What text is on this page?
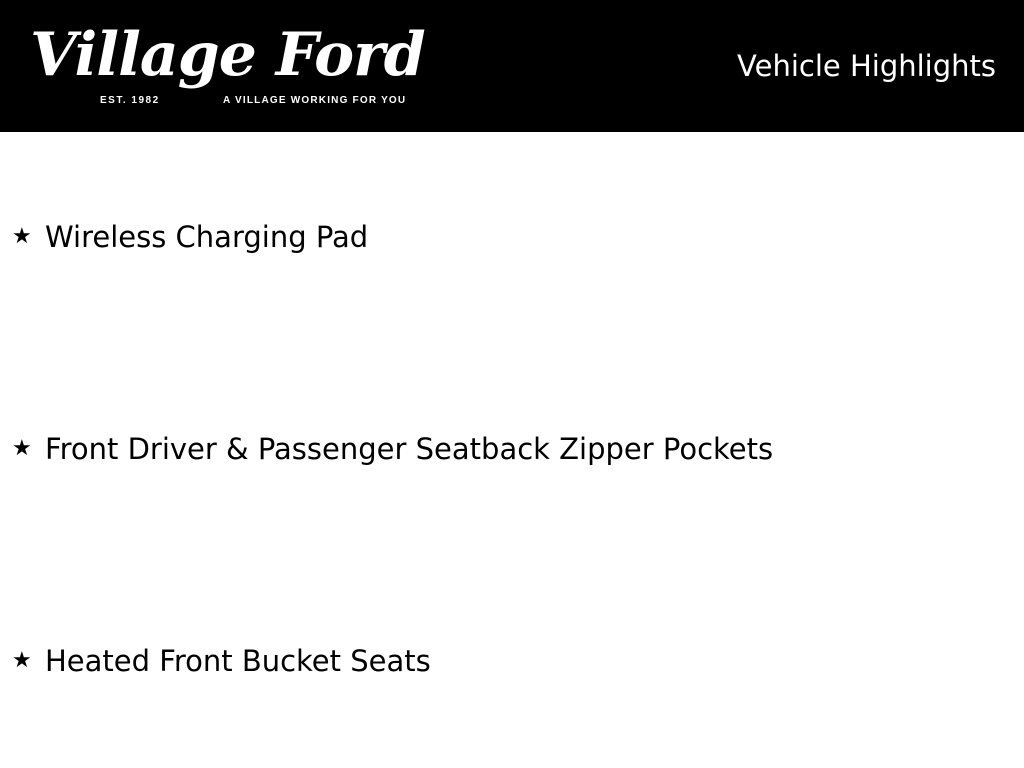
Village Ford
EST. 1982	A VILLAGE WORKING FOR YOU
Vehicle Highlights
★ Wireless Charging Pad
★ Front Driver & Passenger Seatback Zipper Pockets
★ Heated Front Bucket Seats
